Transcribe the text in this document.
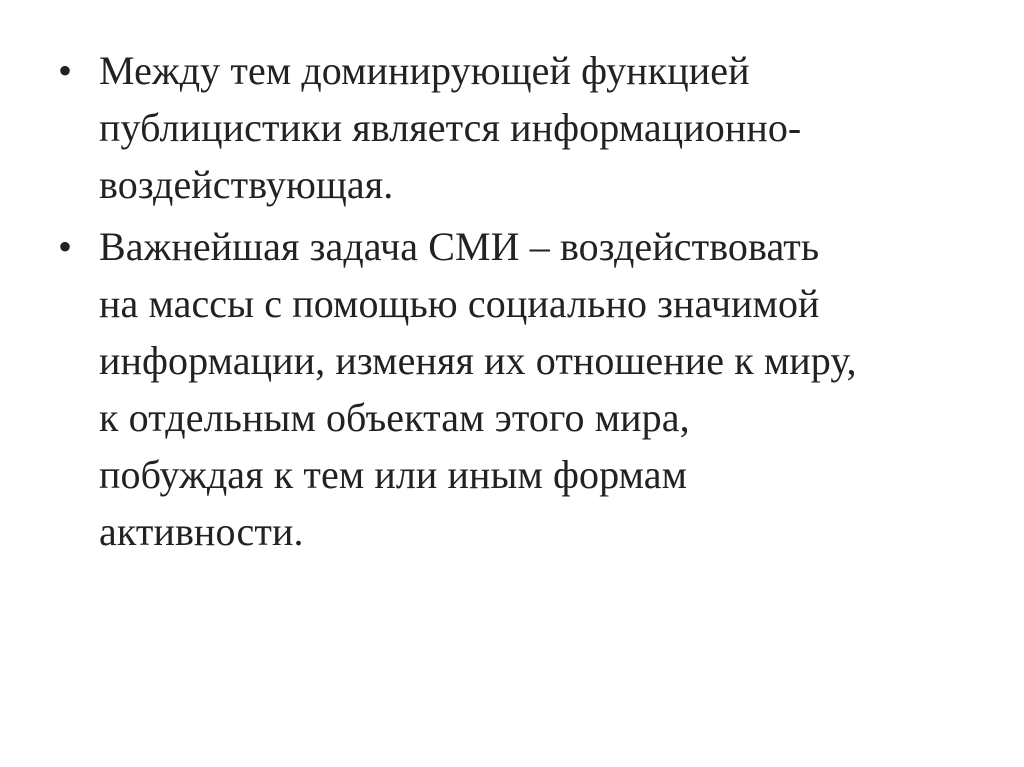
• Между тем доминирующей функцией
публицистики является информационно-
воздействующая.
• Важнейшая задача СМИ – воздействовать
на массы с помощью социально значимой
информации, изменяя их отношение к миру,
к отдельным объектам этого мира,
побуждая к тем или иным формам
активности.
